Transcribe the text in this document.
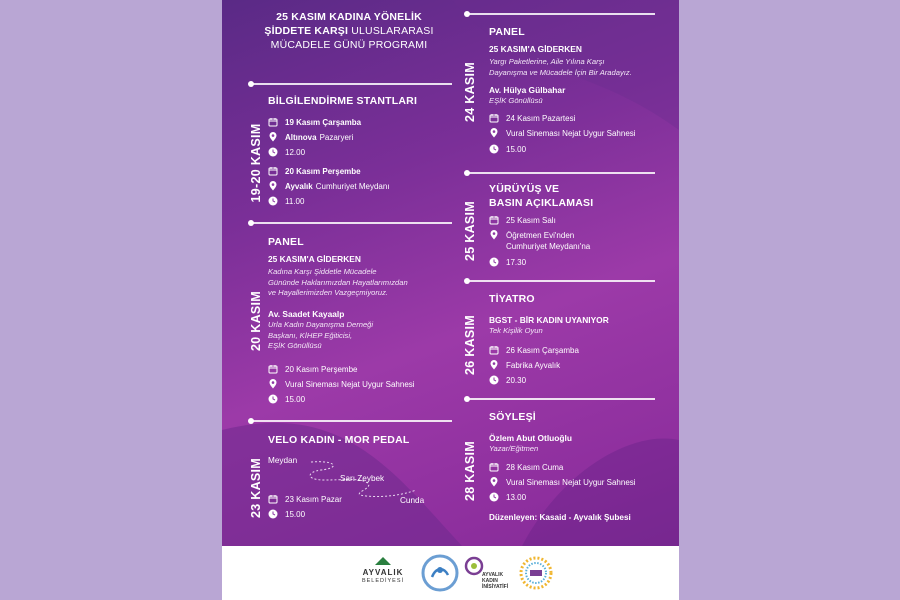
25 KASIM KADINA YÖNELİK
ŞİDDETE KARŞI ULUSLARARASI
MÜCADELE GÜNÜ PROGRAMI
19-20 KASIM
BİLGİLENDİRME STANTLARI
19 Kasım Çarşamba
Altınova Pazaryeri
12.00
20 Kasım Perşembe
Ayvalık Cumhuriyet Meydanı
11.00
20 KASIM
PANEL
25 KASIM'A GİDERKEN
Kadına Karşı Şiddetle Mücadele
Gününde Haklarımızdan Hayatlarımızdan
ve Hayallerimizden Vazgeçmiyoruz.
Av. Saadet Kayaalp
Urla Kadın Dayanışma Derneği
Başkanı, KİHEP Eğiticisi,
EŞİK Gönüllüsü
20 Kasım Perşembe
Vural Sineması Nejat Uygur Sahnesi
15.00
23 KASIM
VELO KADIN - MOR PEDAL
Meydan
Sarı Zeybek
Cunda
23 Kasım Pazar
15.00
24 KASIM
PANEL
25 KASIM'A GİDERKEN
Yargı Paketlerine, Aile Yılına Karşı
Dayanışma ve Mücadele İçin Bir Aradayız.
Av. Hülya Gülbahar
EŞİK Gönüllüsü
24 Kasım Pazartesi
Vural Sineması Nejat Uygur Sahnesi
15.00
25 KASIM
YÜRÜYÜŞ VE
BASIN AÇIKLAMASI
25 Kasım Salı
Öğretmen Evi'nden
Cumhuriyet Meydanı'na
17.30
26 KASIM
TİYATRO
BGST - BİR KADIN UYANIYOR
Tek Kişilik Oyun
26 Kasım Çarşamba
Fabrika Ayvalık
20.30
28 KASIM
SÖYLEŞİ
Özlem Abut Otluoğlu
Yazar/Eğitmen
28 Kasım Cuma
Vural Sineması Nejat Uygur Sahnesi
13.00
Düzenleyen: Kasaid - Ayvalık Şubesi
AYVALIK
BELEDİYESİ
AYVALIK
KADIN
İNİSİYATİFİ
